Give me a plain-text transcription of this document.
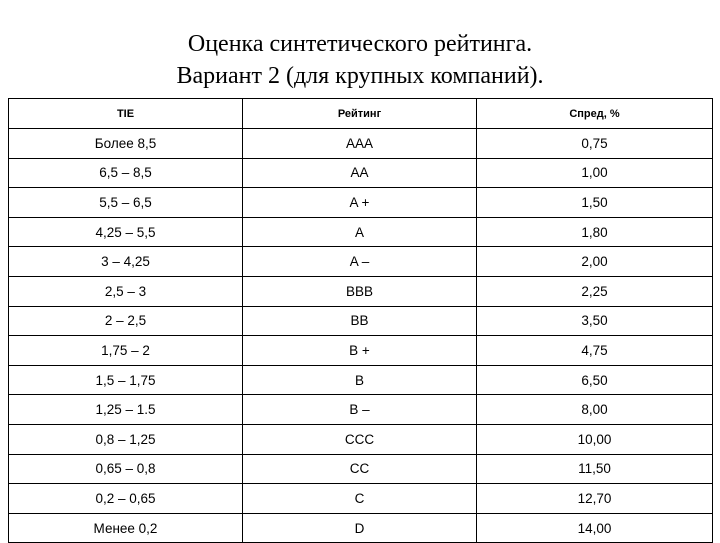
Оценка синтетического рейтинга.
Вариант 2 (для крупных компаний).
TIE	Рейтинг	Спред, %
Более 8,5	AAA	0,75
6,5 – 8,5	AA	1,00
5,5 – 6,5	A +	1,50
4,25 – 5,5	A	1,80
3 – 4,25	A –	2,00
2,5 – 3	BBB	2,25
2 – 2,5	BB	3,50
1,75 – 2	B +	4,75
1,5 – 1,75	B	6,50
1,25 – 1.5	B –	8,00
0,8 – 1,25	CCC	10,00
0,65 – 0,8	CC	11,50
0,2 – 0,65	C	12,70
Менее 0,2	D	14,00
